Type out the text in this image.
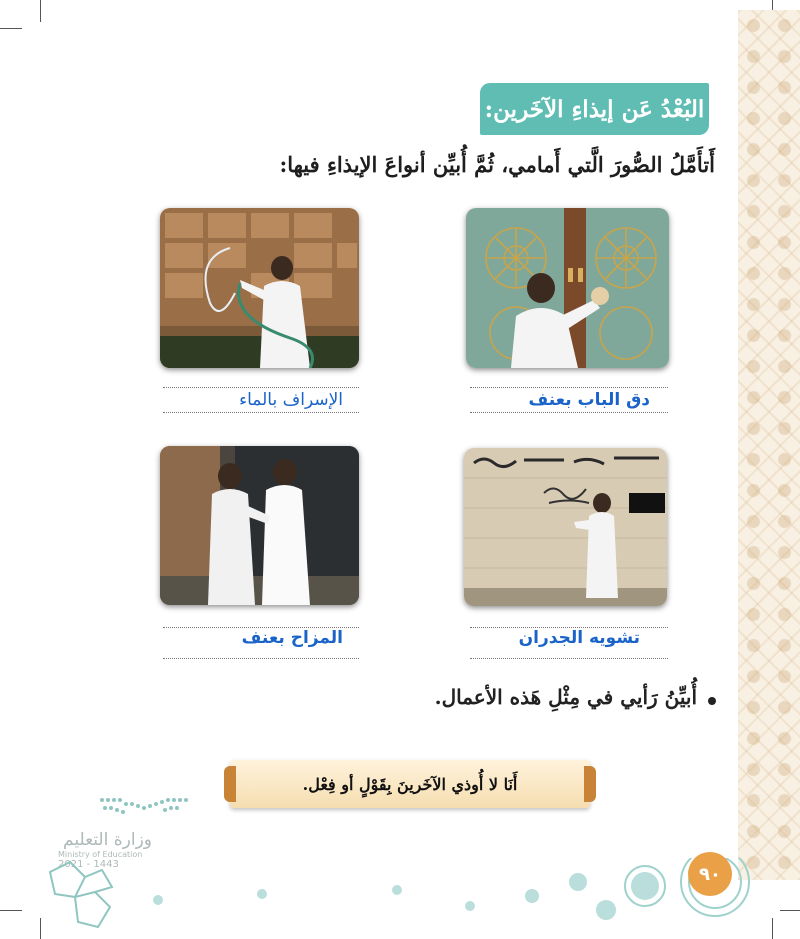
البُعْدُ عَن إيذاءِ الآخَرين:
أَتأَمَّلُ الصُّورَ الَّتي أَمامي، ثُمَّ أُبيِّن أنواعَ الإيذاءِ فيها:
دق الباب بعنف
الإسراف بالماء
تشويه الجدران
المزاح بعنف
أُبيِّنُ رَأيي في مِثْلِ هَذه الأعمال.
أَنَا لا أُوذي الآخَرينَ بِقَوْلٍ أو فِعْل.
وزارة التعليم
Ministry of Education
2021 - 1443	٩٠
